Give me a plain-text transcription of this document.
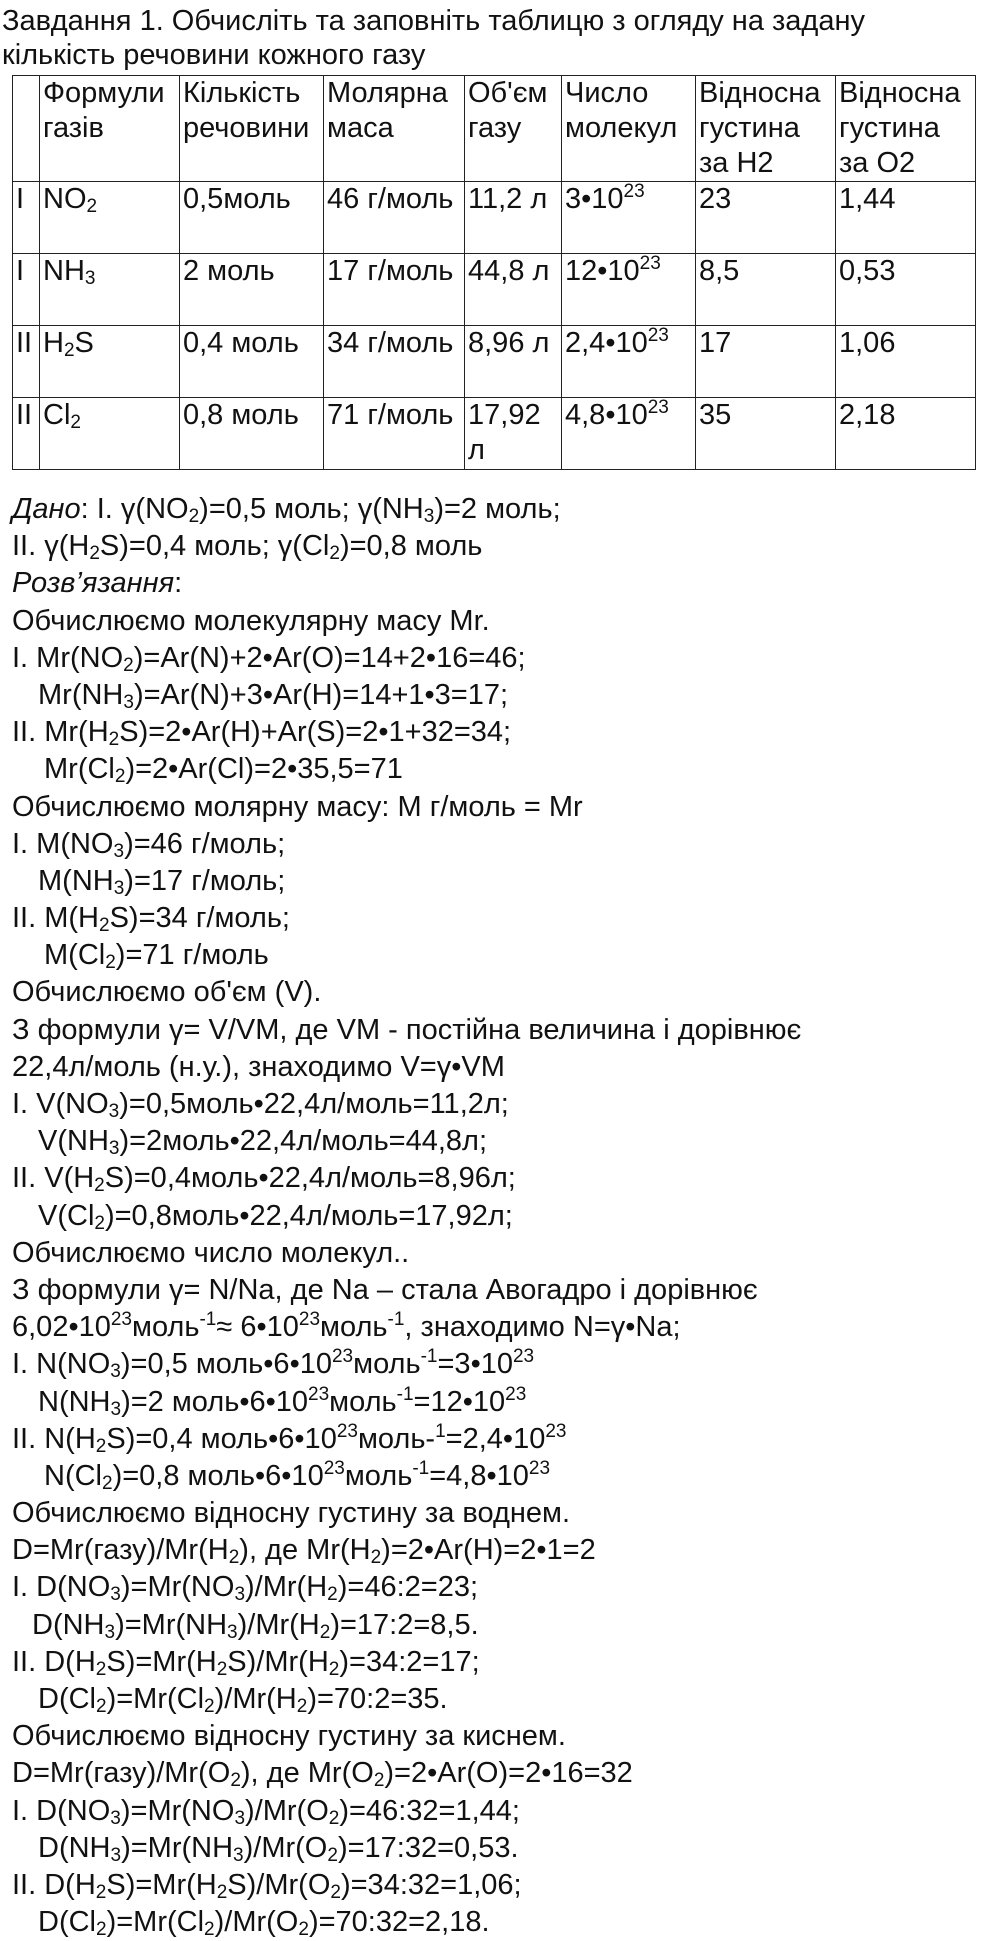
Завдання 1. Обчисліть та заповніть таблицю з огляду на задану кількість речовини кожного газу
	Формули газів	Кількість речовини	Молярна маса	Об'єм газу	Число молекул	Відносна густина за Н2	Відносна густина за О2
I	$NO_2$	0,5моль	46 г/моль	11,2 л	$3•10^{23}$	23	1,44
I	$NH_3$	2 моль	17 г/моль	44,8 л	$12•10^{23}$	8,5	0,53
II	$H_2S$	0,4 моль	34 г/моль	8,96 л	$2,4•10^{23}$	17	1,06
II	$Cl_2$	0,8 моль	71 г/моль	17,92 л	$4,8•10^{23}$	35	2,18
Дано: І. $\gamma(NO_2)=0,5$ моль; $\gamma(NH_3)=2$ моль;
ІІ. $\gamma(H_2S)=0,4$ моль; $\gamma(Cl_2)=0,8$ моль
Розв’язання:
Обчислюємо молекулярну масу Mr.
І. $Mr(NO_2)=Ar(N)+2•Ar(O)=14+2•16=46$;
$Mr(NH_3)=Ar(N)+3•Ar(H)=14+1•3=17$;
ІІ. $Mr(H_2S)=2•Ar(H)+Ar(S)=2•1+32=34$;
$Mr(Cl_2)=2•Ar(Cl)=2•35,5=71$
Обчислюємо молярну масу: M г/моль = Mr
І. $M(NO_3)=46$ г/моль;
$M(NH_3)=17$ г/моль;
ІІ. $M(H_2S)=34$ г/моль;
$M(Cl_2)=71$ г/моль
Обчислюємо об'єм (V).
З формули γ= V/VM, де VM - постійна величина і дорівнює
22,4л/моль (н.у.), знаходимо V=γ•VM
І. $V(NO_3)=0,5моль•22,4л/моль=11,2л$;
$V(NH_3)=2моль•22,4л/моль=44,8л$;
ІІ. $V(H_2S)=0,4моль•22,4л/моль=8,96л$;
$V(Cl_2)=0,8моль•22,4л/моль=17,92л$;
Обчислюємо число молекул..
З формули γ= N/Na, де Na – стала Авогадро і дорівнює
$6,02•10^{23}моль^{-1}\approx$ $6•10^{23}моль^{-1}$, знаходимо N=γ•Na;
І. $N(NO_3)=0,5$ $моль•6•10^{23}моль^{-1}=3•10^{23}$
$N(NH_3)=2$ $моль•6•10^{23}моль^{-1}=12•10^{23}$
ІІ. $N(H_2S)=0,4$ $моль•6•10^{23}моль-^1=2,4•10^{23}$
$N(Cl_2)=0,8$ $моль•6•10^{23}моль^{-1}=4,8•10^{23}$
Обчислюємо відносну густину за воднем.
$D=Mr(газу)/Mr(H_2)$, де $Mr(H_2)=2•Ar(H)=2•1=2$
І. $D(NO_3)=Mr(NO_3)/Mr(H_2)=46:2=23$;
$D(NH_3)=Mr(NH_3)/Mr(H_2)=17:2=8,5$.
ІІ. $D(H_2S)=Mr(H_2S)/Mr(H_2)=34:2=17$;
$D(Cl_2)=Mr(Cl_2)/Mr(H_2)=70:2=35$.
Обчислюємо відносну густину за киснем.
$D=Mr(газу)/Mr(O_2)$, де $Mr(O_2)=2•Ar(O)=2•16=32$
І. $D(NO_3)=Mr(NO_3)/Mr(O_2)=46:32=1,44$;
$D(NH_3)=Mr(NH_3)/Mr(O_2)=17:32=0,53$.
ІІ. $D(H_2S)=Mr(H_2S)/Mr(O_2)=34:32=1,06$;
$D(Cl_2)=Mr(Cl_2)/Mr(O_2)=70:32=2,18$.
